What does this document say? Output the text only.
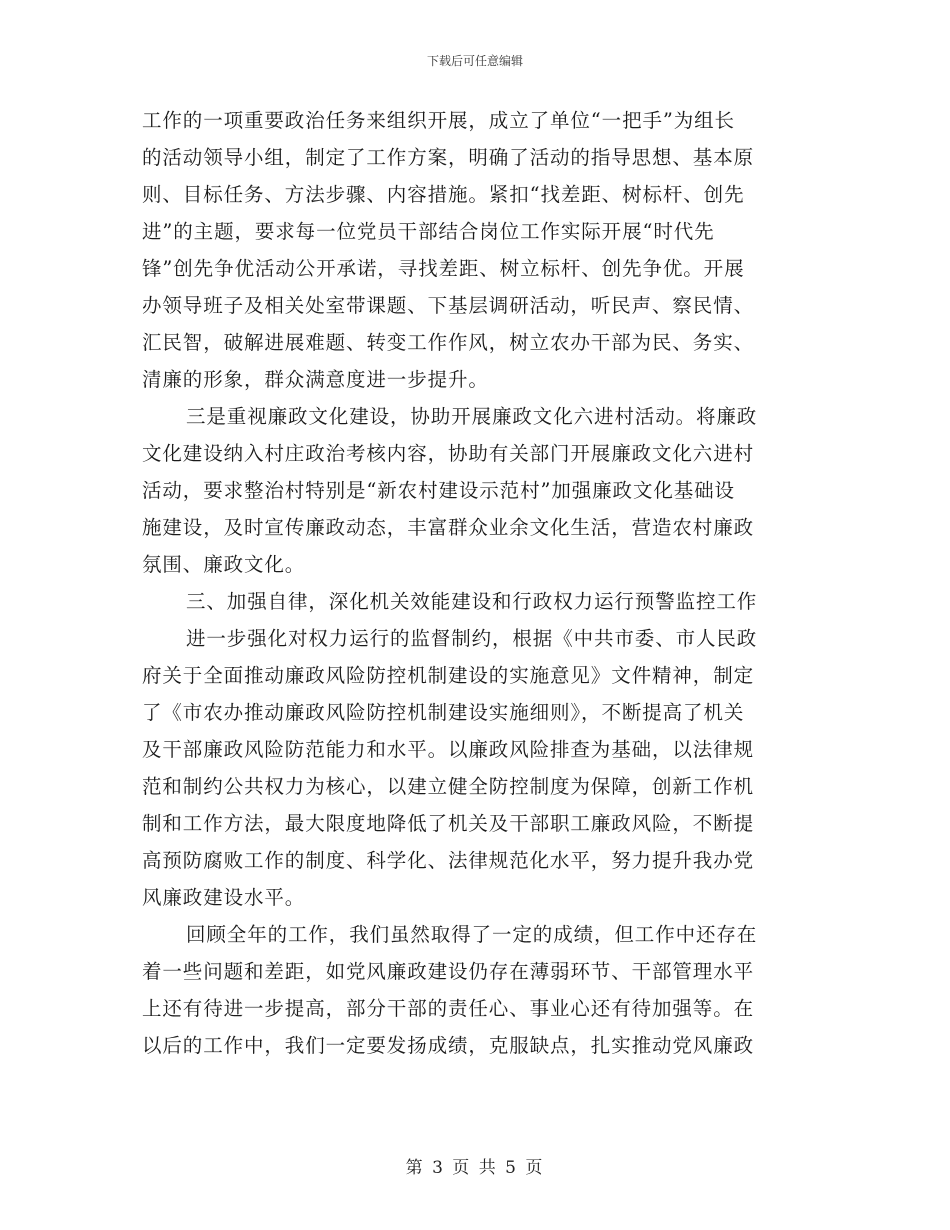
下载后可任意编辑
工作的一项重要政治任务来组织开展，成立了单位“一把手”为组长
的活动领导小组，制定了工作方案，明确了活动的指导思想、基本原
则、目标任务、方法步骤、内容措施。紧扣“找差距、树标杆、创先
进”的主题，要求每一位党员干部结合岗位工作实际开展“时代先
锋”创先争优活动公开承诺，寻找差距、树立标杆、创先争优。开展
办领导班子及相关处室带课题、下基层调研活动，听民声、察民情、
汇民智，破解进展难题、转变工作作风，树立农办干部为民、务实、
清廉的形象，群众满意度进一步提升。
三是重视廉政文化建设，协助开展廉政文化六进村活动。将廉政
文化建设纳入村庄政治考核内容，协助有关部门开展廉政文化六进村
活动，要求整治村特别是“新农村建设示范村”加强廉政文化基础设
施建设，及时宣传廉政动态，丰富群众业余文化生活，营造农村廉政
氛围、廉政文化。
三、加强自律，深化机关效能建设和行政权力运行预警监控工作
进一步强化对权力运行的监督制约，根据《中共市委、市人民政
府关于全面推动廉政风险防控机制建设的实施意见》文件精神，制定
了《市农办推动廉政风险防控机制建设实施细则》，不断提高了机关
及干部廉政风险防范能力和水平。以廉政风险排查为基础，以法律规
范和制约公共权力为核心，以建立健全防控制度为保障，创新工作机
制和工作方法，最大限度地降低了机关及干部职工廉政风险，不断提
高预防腐败工作的制度、科学化、法律规范化水平，努力提升我办党
风廉政建设水平。
回顾全年的工作，我们虽然取得了一定的成绩，但工作中还存在
着一些问题和差距，如党风廉政建设仍存在薄弱环节、干部管理水平
上还有待进一步提高，部分干部的责任心、事业心还有待加强等。在
以后的工作中，我们一定要发扬成绩，克服缺点，扎实推动党风廉政
第 3 页 共 5 页
